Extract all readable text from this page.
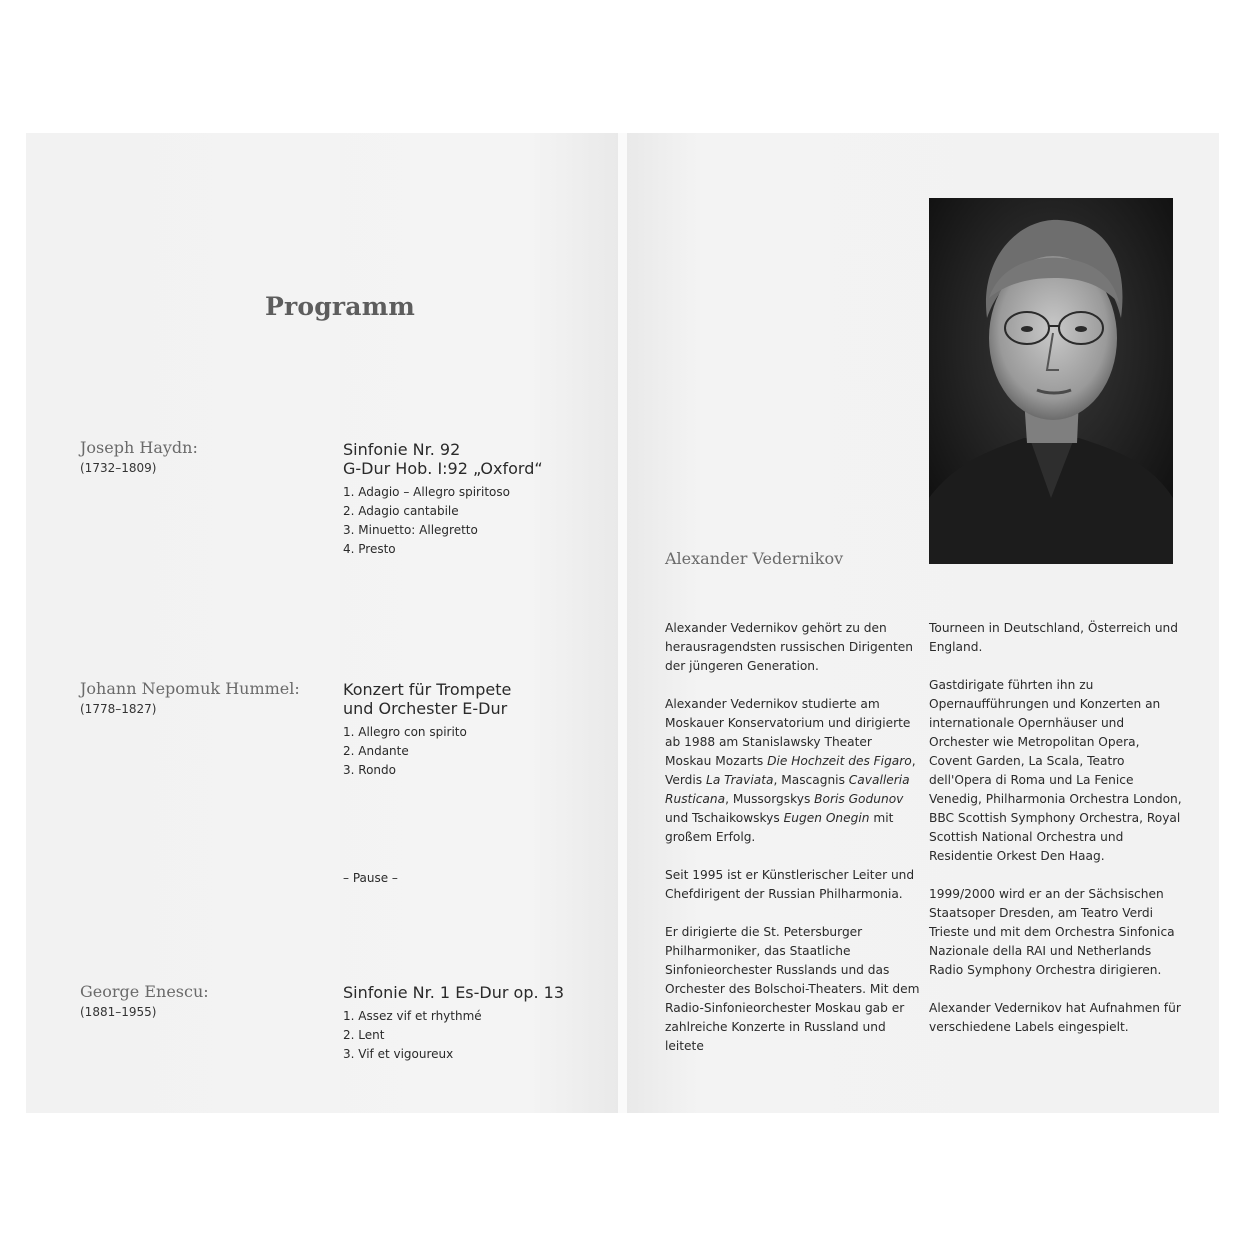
Programm
Joseph Haydn:
(1732–1809)
Sinfonie Nr. 92
G-Dur Hob. I:92 „Oxford“
1. Adagio – Allegro spiritoso
2. Adagio cantabile
3. Minuetto: Allegretto
4. Presto
Johann Nepomuk Hummel:
(1778–1827)
Konzert für Trompete
und Orchester E-Dur
1. Allegro con spirito
2. Andante
3. Rondo
– Pause –
George Enescu:
(1881–1955)
Sinfonie Nr. 1 Es-Dur op. 13
1. Assez vif et rhythmé
2. Lent
3. Vif et vigoureux
Alexander Vedernikov

Alexander Vedernikov gehört zu den herausragendsten russischen Dirigenten der jüngeren Generation.

Alexander Vedernikov studierte am Moskauer Konservatorium und dirigierte ab 1988 am Stanislawsky Theater Moskau Mozarts Die Hochzeit des Figaro, Verdis La Traviata, Mascagnis Cavalleria Rusticana, Mussorgskys Boris Godunov und Tschaikowskys Eugen Onegin mit großem Erfolg.

Seit 1995 ist er Künstlerischer Leiter und Chefdirigent der Russian Philharmonia.

Er dirigierte die St. Petersburger Philharmoniker, das Staatliche Sinfonieorchester Russlands und das Orchester des Bolschoi-Theaters. Mit dem Radio-Sinfonieorchester Moskau gab er zahlreiche Konzerte in Russland und leitete

Tourneen in Deutschland, Österreich und England.

Gastdirigate führten ihn zu Opernaufführungen und Konzerten an internationale Opernhäuser und Orchester wie Metropolitan Opera, Covent Garden, La Scala, Teatro dell'Opera di Roma und La Fenice Venedig, Philharmonia Orchestra London, BBC Scottish Symphony Orchestra, Royal Scottish National Orchestra und Residentie Orkest Den Haag.

1999/2000 wird er an der Sächsischen Staatsoper Dresden, am Teatro Verdi Trieste und mit dem Orchestra Sinfonica Nazionale della RAI und Netherlands Radio Symphony Orchestra dirigieren.

Alexander Vedernikov hat Aufnahmen für verschiedene Labels eingespielt.
